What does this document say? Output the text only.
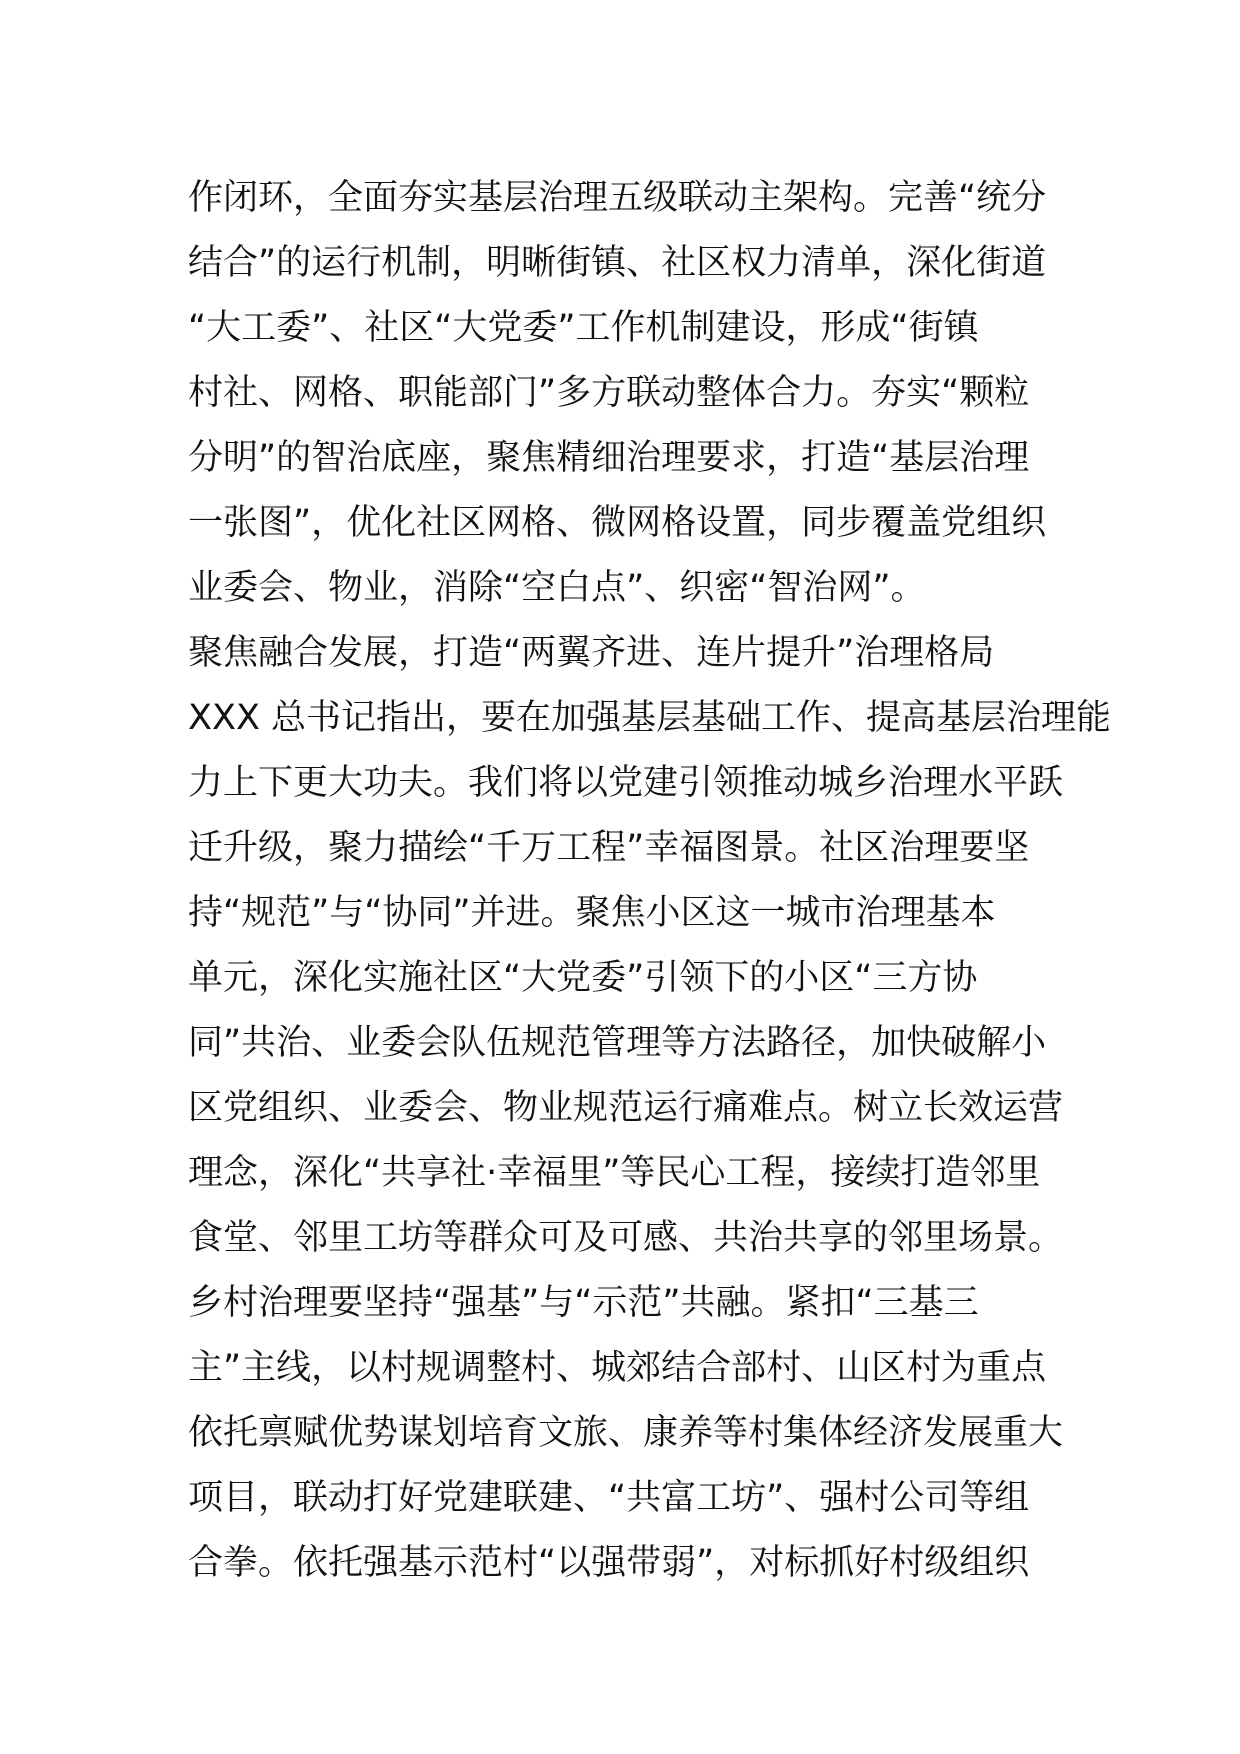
作闭环，全面夯实基层治理五级联动主架构。完善“统分
结合”的运行机制，明晰街镇、社区权力清单，深化街道
“大工委”、社区“大党委”工作机制建设，形成“街镇
村社、网格、职能部门”多方联动整体合力。夯实“颗粒
分明”的智治底座，聚焦精细治理要求，打造“基层治理
一张图”，优化社区网格、微网格设置，同步覆盖党组织
业委会、物业，消除“空白点”、织密“智治网”。
聚焦融合发展，打造“两翼齐进、连片提升”治理格局
XXX 总书记指出，要在加强基层基础工作、提高基层治理能
力上下更大功夫。我们将以党建引领推动城乡治理水平跃
迁升级，聚力描绘“千万工程”幸福图景。社区治理要坚
持“规范”与“协同”并进。聚焦小区这一城市治理基本
单元，深化实施社区“大党委”引领下的小区“三方协
同”共治、业委会队伍规范管理等方法路径，加快破解小
区党组织、业委会、物业规范运行痛难点。树立长效运营
理念，深化“共享社·幸福里”等民心工程，接续打造邻里
食堂、邻里工坊等群众可及可感、共治共享的邻里场景。
乡村治理要坚持“强基”与“示范”共融。紧扣“三基三
主”主线，以村规调整村、城郊结合部村、山区村为重点
依托禀赋优势谋划培育文旅、康养等村集体经济发展重大
项目，联动打好党建联建、“共富工坊”、强村公司等组
合拳。依托强基示范村“以强带弱”，对标抓好村级组织
